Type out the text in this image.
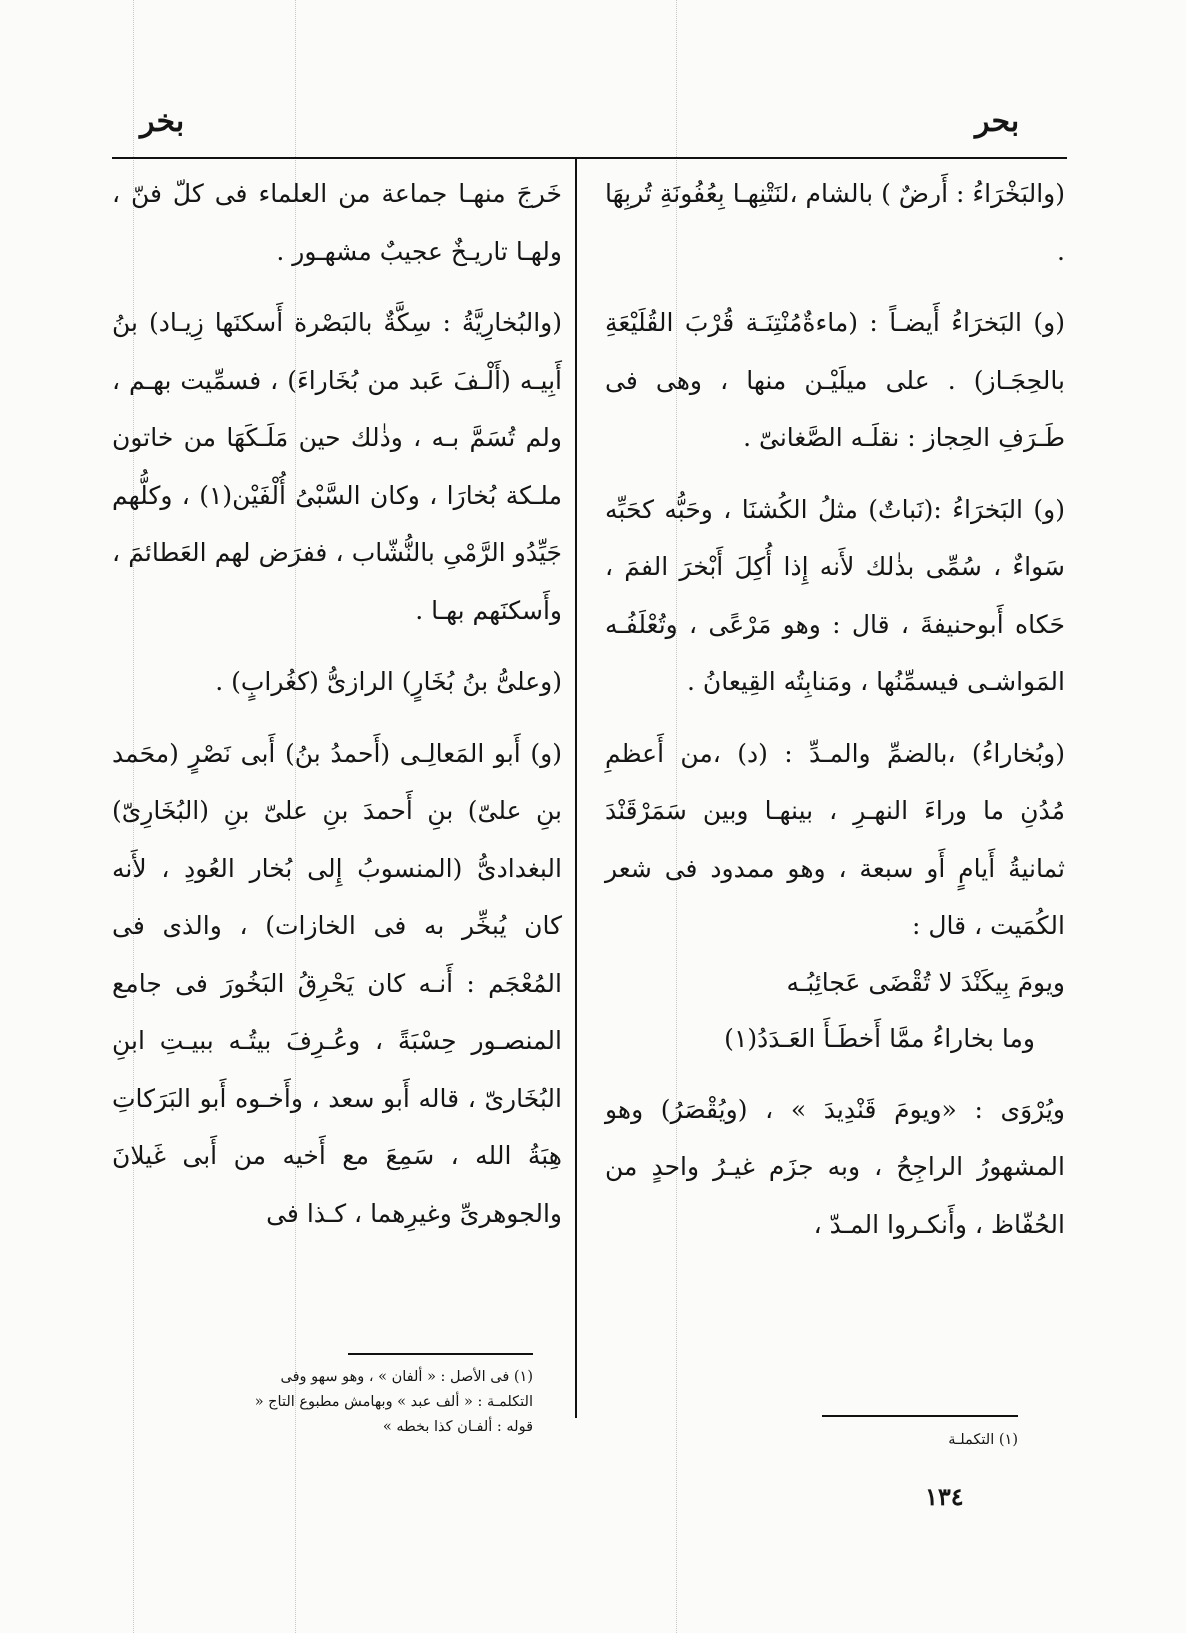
بحر
بخر

(والبَخْرَاءُ : أَرضٌ ) بالشام ،لنَتْنِهـا بِعُفُونَةِ تُربِهَا .

(و) البَخرَاءُ أَيضـاً : (ماءةٌمُنْتِنَـة قُرْبَ القُلَيْعَةِ بالحِجَـاز) . على ميلَيْـن منها ، وهى فى طَـرَفِ الحِجاز : نقلَـه الصَّغانىّ .

(و) البَخرَاءُ :(نَباتٌ) مثلُ الكُشنَا ، وحَبُّه كحَبِّه سَواءٌ ، سُمِّى بذٰلك لأَنه إِذا أُكِلَ أَبْخرَ الفمَ ، حَكاه أَبوحنيفةَ ، قال : وهو مَرْعًى ، وتُعْلَفُـه المَواشـى فيسمِّنُها ، ومَنابِتُه القِيعانُ .

(وبُخاراءُ) ،بالضمِّ والمـدِّ : (د) ،من أَعظمِ مُدُنِ ما وراءَ النهـرِ ، بينهـا وبين سَمَرْقَنْدَ ثمانيةُ أَيامٍ أَو سبعة ، وهو ممدود فى شعر الكُمَيت ، قال :

ويومَ بِيكَنْدَ لا تُقْضَى عَجائِبُـه

وما بخاراءُ ممَّا أَخطَـأَ العَـدَدُ(١)

ويُرْوَى : «ويومَ قَنْدِيدَ » ، (ويُقْصَرُ) وهو المشهورُ الراجِحُ ، وبه جزَم غيـرُ واحدٍ من الحُفّاظ ، وأَنكـروا المـدّ ،

خَرجَ منهـا جماعة من العلماء فى كلّ فنّ ، ولهـا تاريـخٌ عجيبٌ مشهـور .

(والبُخارِيَّةُ : سِكَّةٌ بالبَصْرة أَسكنَها زِيـاد) بنُ أَبِيـه (أَلْـفَ عَبد من بُخَاراءَ) ، فسمِّيت بهـم ، ولم تُسَمَّ بـه ، وذٰلك حين مَلَـكَهَا من خاتون ملـكة بُخارَا ، وكان السَّبْىُ أُلْفَيْن(١) ، وكلُّهم جَيِّدُو الرَّمْىِ بالنُّشّاب ، ففرَض لهم العَطائمَ ، وأَسكنَهم بهـا .

(وعلىُّ بنُ بُخَارٍ) الرازىُّ (كغُرابٍ) .

(و) أَبو المَعالِـى (أَحمدُ بنُ) أَبى نَصْرٍ (محَمد بنِ علىّ) بنِ أَحمدَ بنِ علىّ بنِ (البُخَارِىّ) البغدادىُّ (المنسوبُ إِلى بُخار العُودِ ، لأَنه كان يُبخِّر به فى الخازات) ، والذى فى المُعْجَم : أَنـه كان يَحْرِقُ البَخُورَ فى جامع المنصـور حِسْبَةً ، وعُـرِفَ بيتُـه ببيـتِ ابنِ البُخَارىّ ، قاله أَبو سعد ، وأَخـوه أَبو البَرَكاتِ هِبَةُ الله ، سَمِعَ مع أَخيه من أَبى غَيلانَ والجوهرىِّ وغيرِهما ، كـذا فى

(١) فى الأصل : « ألفان » ، وهو سهو وفى التكلمـة : « ألف عبد » وبهامش مطبوع التاج « قوله : ألفـان كذا بخطه »
(١) التكملـة
١٣٤
